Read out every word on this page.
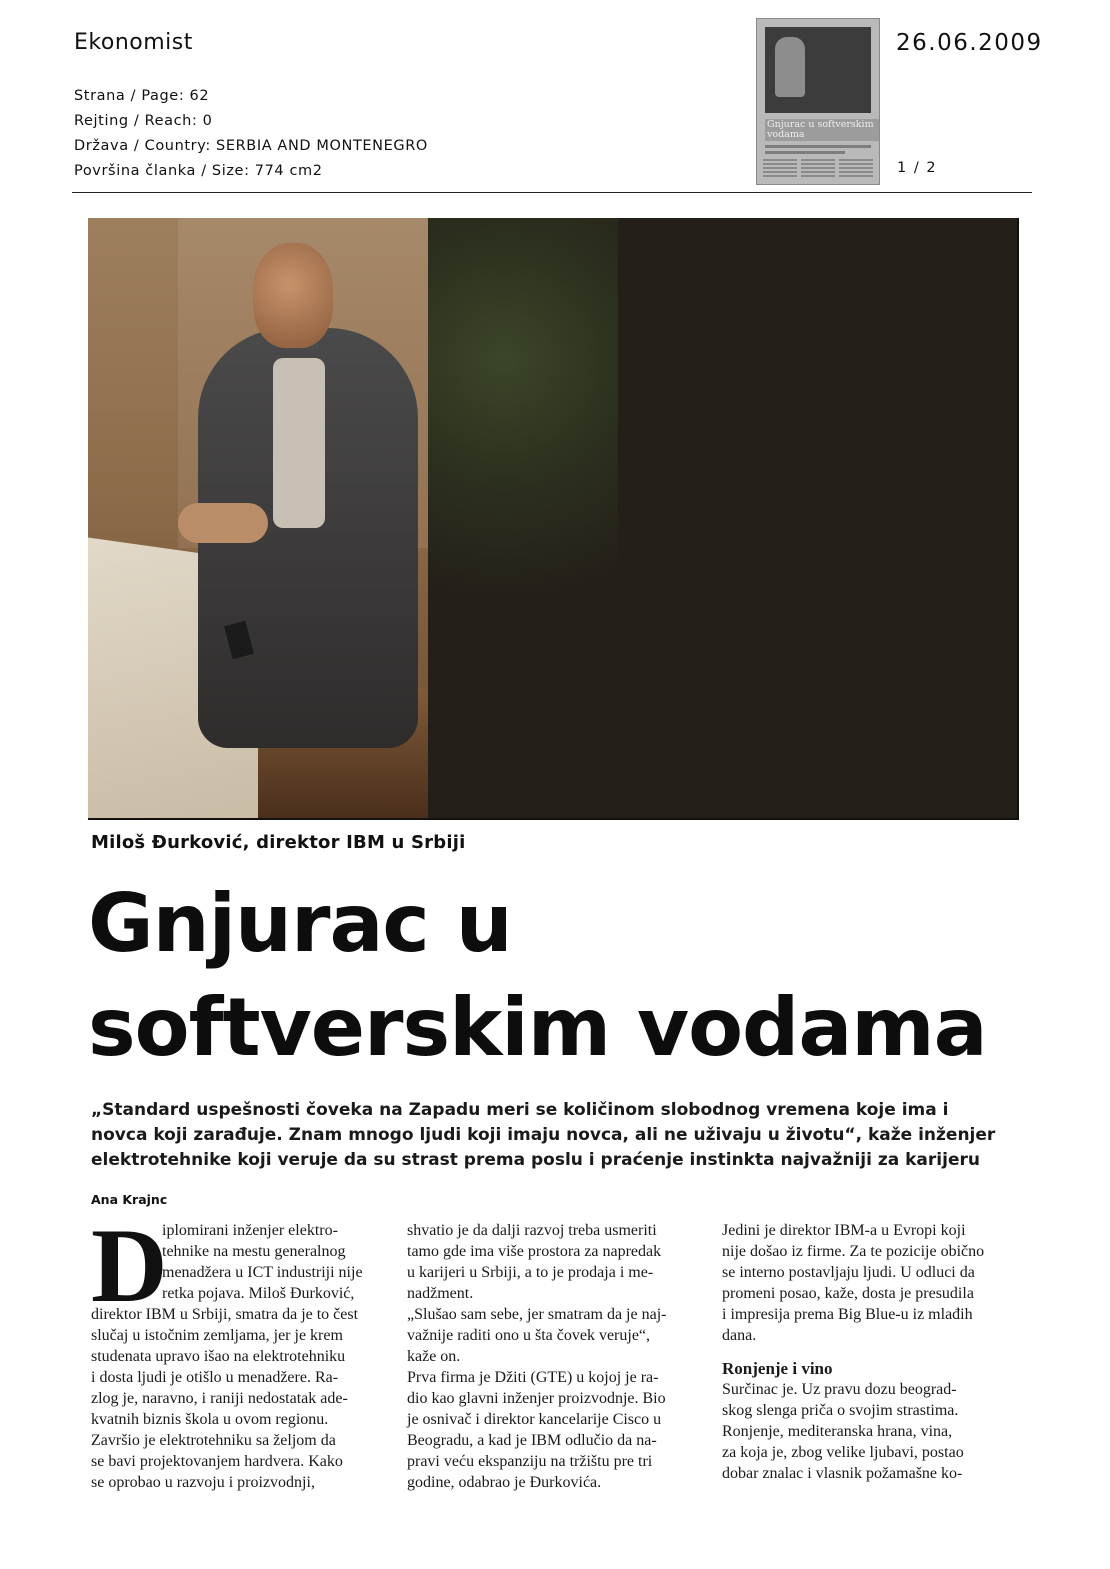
Ekonomist
Strana / Page: 62
Rejting / Reach: 0
Država / Country: SERBIA AND MONTENEGRO
Površina članka / Size: 774 cm2
Gnjurac u softverskim vodama
26.06.2009
1 / 2
Miloš Đurković, direktor IBM u Srbiji
Gnjurac u
softverskim vodama
„Standard uspešnosti čoveka na Zapadu meri se količinom slobodnog vremena koje ima i
novca koji zarađuje. Znam mnogo ljudi koji imaju novca, ali ne uživaju u životu“, kaže inženjer
elektrotehnike koji veruje da su strast prema poslu i praćenje instinkta najvažniji za karijeru
Ana Krajnc
D
iplomirani inženjer elektro-
tehnike na mestu generalnog
menadžera u ICT industriji nije
retka pojava. Miloš Đurković,
direktor IBM u Srbiji, smatra da je to čest
slučaj u istočnim zemljama, jer je krem
studenata upravo išao na elektrotehniku
i dosta ljudi je otišlo u menadžere. Ra-
zlog je, naravno, i raniji nedostatak ade-
kvatnih biznis škola u ovom regionu.
Završio je elektrotehniku sa željom da
se bavi projektovanjem hardvera. Kako
se oprobao u razvoju i proizvodnji,
shvatio je da dalji razvoj treba usmeriti
tamo gde ima više prostora za napredak
u karijeri u Srbiji, a to je prodaja i me-
nadžment.
„Slušao sam sebe, jer smatram da je naj-
važnije raditi ono u šta čovek veruje“,
kaže on.
Prva firma je Džiti (GTE) u kojoj je ra-
dio kao glavni inženjer proizvodnje. Bio
je osnivač i direktor kancelarije Cisco u
Beogradu, a kad je IBM odlučio da na-
pravi veću ekspanziju na tržištu pre tri
godine, odabrao je Đurkovića.
Jedini je direktor IBM-a u Evropi koji
nije došao iz firme. Za te pozicije obično
se interno postavljaju ljudi. U odluci da
promeni posao, kaže, dosta je presudila
i impresija prema Big Blue-u iz mlađih
dana.
Ronjenje i vino
Surčinac je. Uz pravu dozu beograd-
skog slenga priča o svojim strastima.
Ronjenje, mediteranska hrana, vina,
za koja je, zbog velike ljubavi, postao
dobar znalac i vlasnik požamašne ko-
